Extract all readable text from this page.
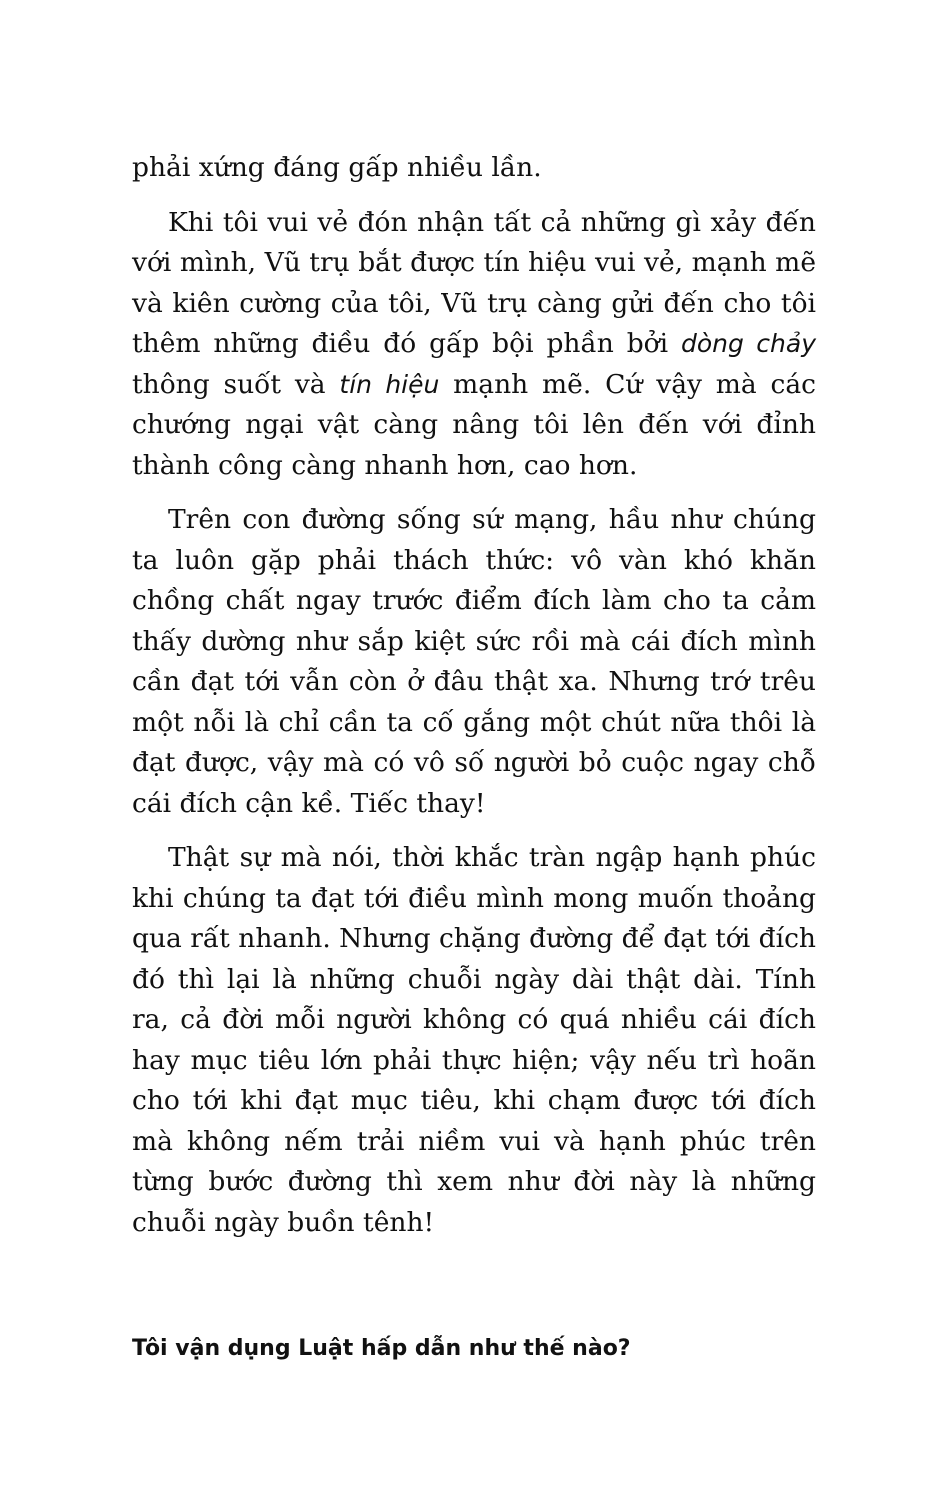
phải xứng đáng gấp nhiều lần.

Khi tôi vui vẻ đón nhận tất cả những gì xảy đến với mình, Vũ trụ bắt được tín hiệu vui vẻ, mạnh mẽ và kiên cường của tôi, Vũ trụ càng gửi đến cho tôi thêm những điều đó gấp bội phần bởi dòng chảy thông suốt và tín hiệu mạnh mẽ. Cứ vậy mà các chướng ngại vật càng nâng tôi lên đến với đỉnh thành công càng nhanh hơn, cao hơn.

Trên con đường sống sứ mạng, hầu như chúng ta luôn gặp phải thách thức: vô vàn khó khăn chồng chất ngay trước điểm đích làm cho ta cảm thấy dường như sắp kiệt sức rồi mà cái đích mình cần đạt tới vẫn còn ở đâu thật xa. Nhưng trớ trêu một nỗi là chỉ cần ta cố gắng một chút nữa thôi là đạt được, vậy mà có vô số người bỏ cuộc ngay chỗ cái đích cận kề. Tiếc thay!

Thật sự mà nói, thời khắc tràn ngập hạnh phúc khi chúng ta đạt tới điều mình mong muốn thoảng qua rất nhanh. Nhưng chặng đường để đạt tới đích đó thì lại là những chuỗi ngày dài thật dài. Tính ra, cả đời mỗi người không có quá nhiều cái đích hay mục tiêu lớn phải thực hiện; vậy nếu trì hoãn cho tới khi đạt mục tiêu, khi chạm được tới đích mà không nếm trải niềm vui và hạnh phúc trên từng bước đường thì xem như đời này là những chuỗi ngày buồn tênh!

Tôi vận dụng Luật hấp dẫn như thế nào?
